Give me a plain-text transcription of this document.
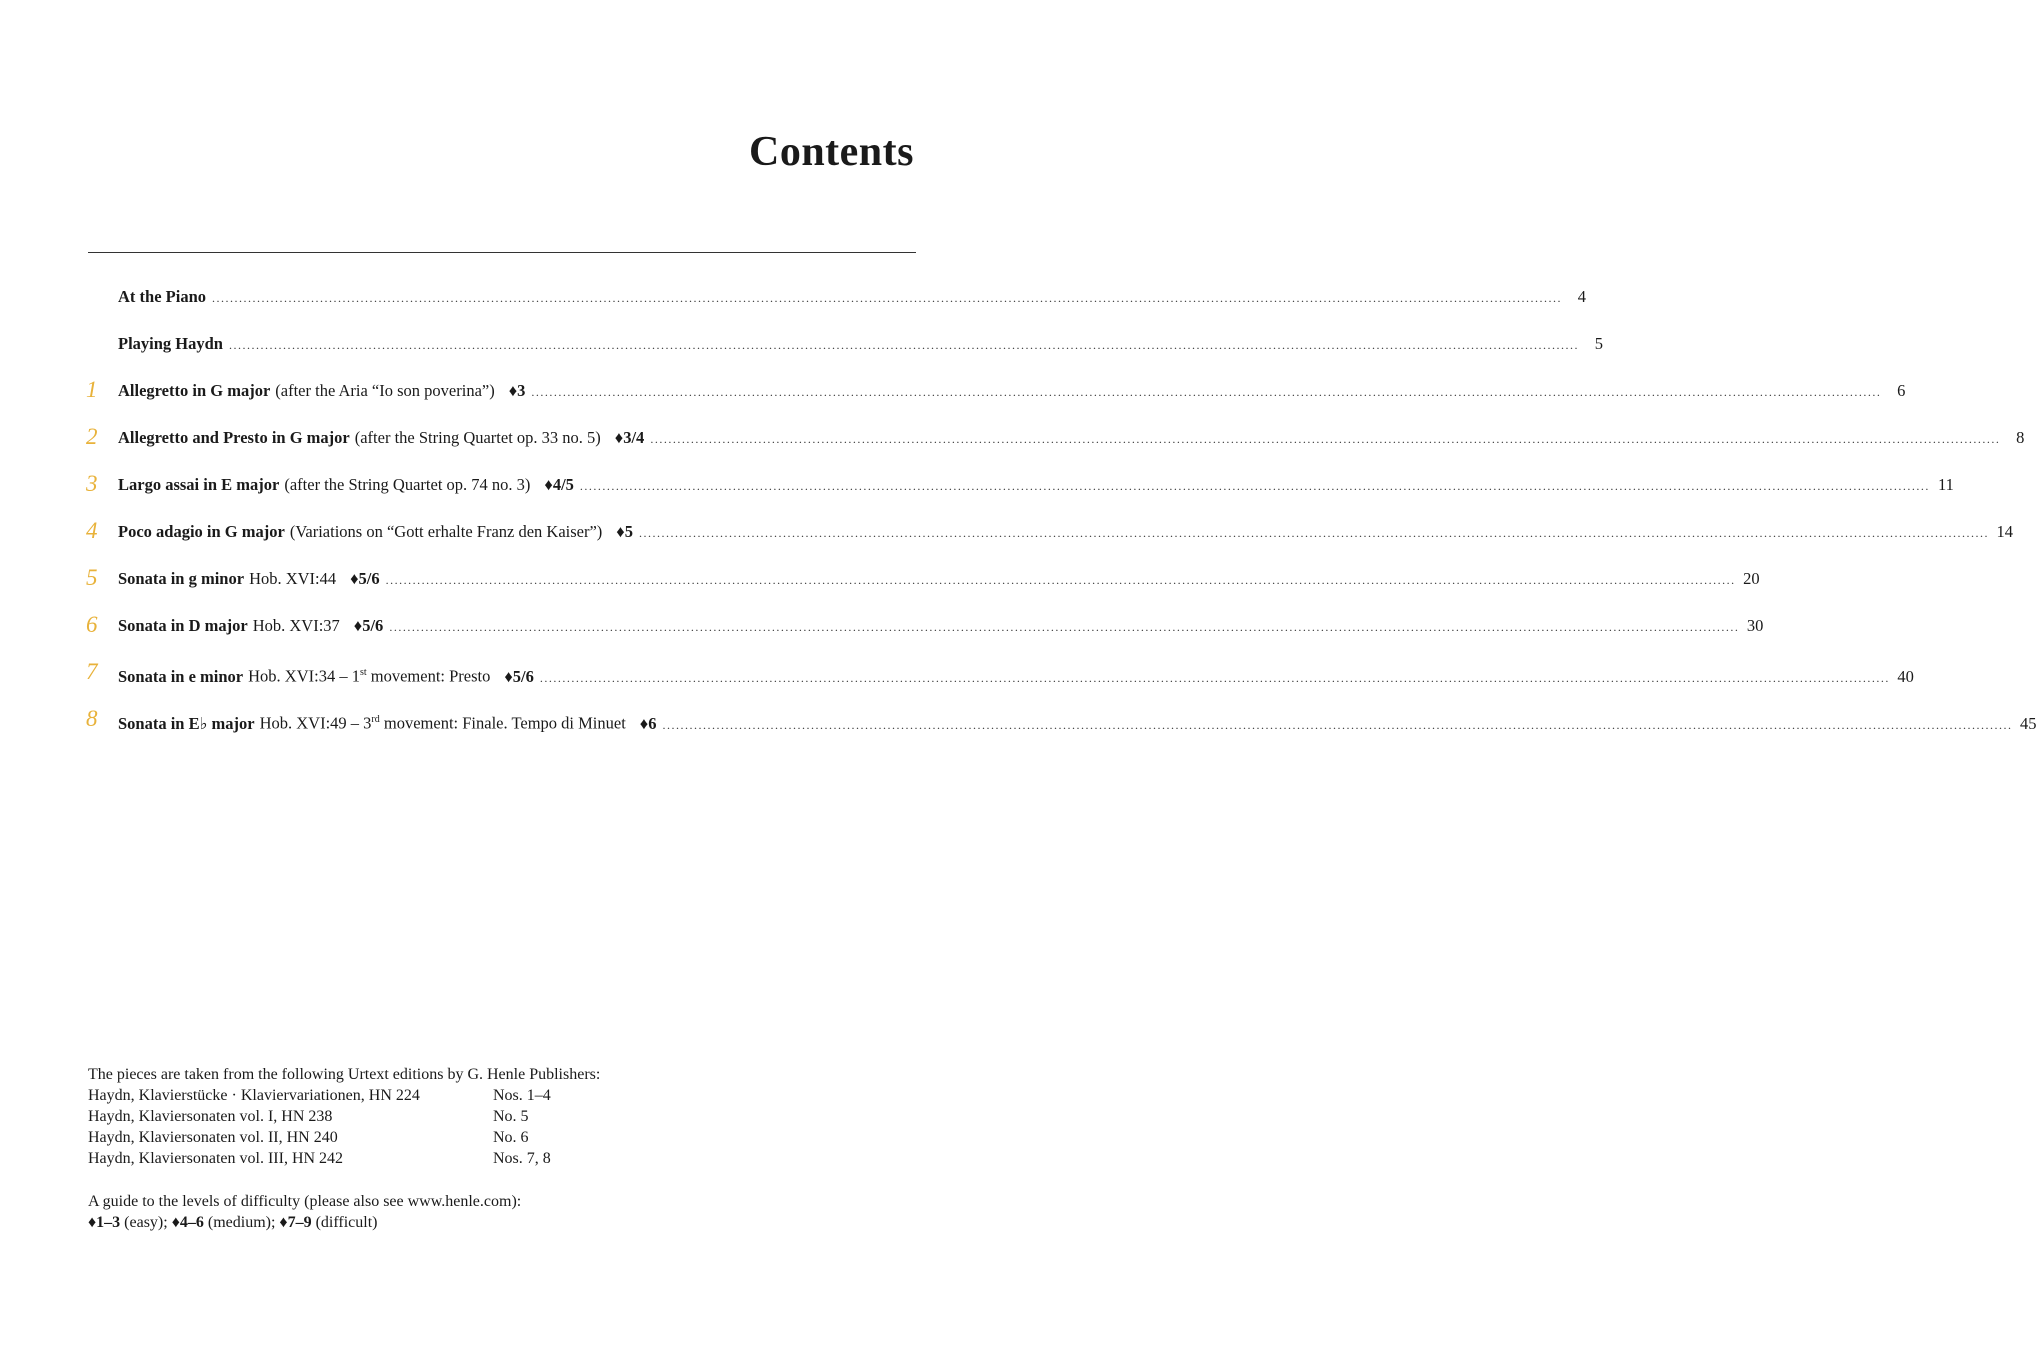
Contents
At the Piano ............................................................................................................................................................................................................................................................................................................ 4
Playing Haydn ............................................................................................................................................................................................................................................................................................................ 5
1	Allegretto in G major (after the Aria “Io son poverina”) ♦3 ............................................................................................................................................................................................................................................................................................................ 6
2	Allegretto and Presto in G major (after the String Quartet op. 33 no. 5) ♦3/4 ............................................................................................................................................................................................................................................................................................................ 8
3	Largo assai in E major (after the String Quartet op. 74 no. 3) ♦4/5 ............................................................................................................................................................................................................................................................................................................ 11
4	Poco adagio in G major (Variations on “Gott erhalte Franz den Kaiser”) ♦5 ............................................................................................................................................................................................................................................................................................................ 14
5	Sonata in g minor Hob. XVI:44 ♦5/6 ............................................................................................................................................................................................................................................................................................................ 20
6	Sonata in D major Hob. XVI:37 ♦5/6 ............................................................................................................................................................................................................................................................................................................ 30
7	Sonata in e minor Hob. XVI:34 – 1st movement: Presto ♦5/6 ............................................................................................................................................................................................................................................................................................................ 40
8	Sonata in E♭ major Hob. XVI:49 – 3rd movement: Finale. Tempo di Minuet ♦6 ............................................................................................................................................................................................................................................................................................................ 45
The pieces are taken from the following Urtext editions by G. Henle Publishers:
Haydn, Klavierstücke · Klaviervariationen, HN 224	Nos. 1–4
Haydn, Klaviersonaten vol. I, HN 238	No. 5
Haydn, Klaviersonaten vol. II, HN 240	No. 6
Haydn, Klaviersonaten vol. III, HN 242	Nos. 7, 8
A guide to the levels of difficulty (please also see www.henle.com):
♦1–3 (easy); ♦4–6 (medium); ♦7–9 (difficult)
